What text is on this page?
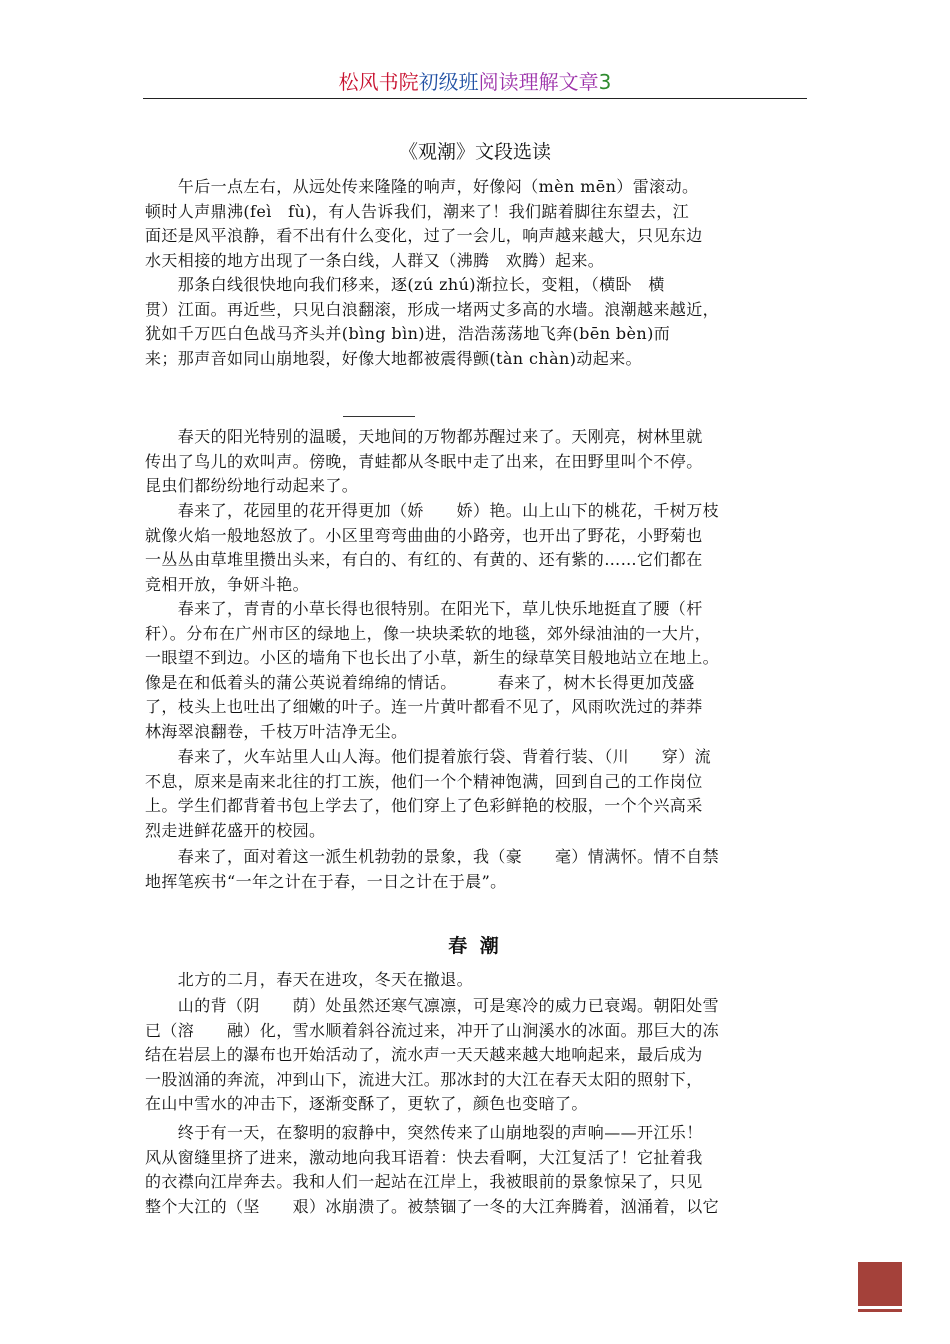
松风书院初级班阅读理解文章3
《观潮》文段选读
　　午后一点左右，从远处传来隆隆的响声，好像闷（mèn mēn）雷滚动。
顿时人声鼎沸(feì　fù)，有人告诉我们，潮来了！我们踮着脚往东望去，江
面还是风平浪静，看不出有什么变化，过了一会儿，响声越来越大，只见东边
水天相接的地方出现了一条白线，人群又（沸腾　欢腾）起来。
　　那条白线很快地向我们移来，逐(zú zhú)渐拉长，变粗，（横卧　横
贯）江面。再近些，只见白浪翻滚，形成一堵两丈多高的水墙。浪潮越来越近，
犹如千万匹白色战马齐头并(bìng bìn)进，浩浩荡荡地飞奔(bēn bèn)而
来；那声音如同山崩地裂，好像大地都被震得颤(tàn chàn)动起来。
　　春天的阳光特别的温暖，天地间的万物都苏醒过来了。天刚亮，树林里就
传出了鸟儿的欢叫声。傍晚，青蛙都从冬眠中走了出来，在田野里叫个不停。
昆虫们都纷纷地行动起来了。
　　春来了，花园里的花开得更加（娇　　娇）艳。山上山下的桃花，千树万枝
就像火焰一般地怒放了。小区里弯弯曲曲的小路旁，也开出了野花，小野菊也
一丛丛由草堆里攒出头来，有白的、有红的、有黄的、还有紫的……它们都在
竞相开放，争妍斗艳。
　　春来了，青青的小草长得也很特别。在阳光下，草儿快乐地挺直了腰（杆
秆）。分布在广州市区的绿地上，像一块块柔软的地毯，郊外绿油油的一大片，
一眼望不到边。小区的墙角下也长出了小草，新生的绿草笑目般地站立在地上。
像是在和低着头的蒲公英说着绵绵的情话。　　　春来了，树木长得更加茂盛
了，枝头上也吐出了细嫩的叶子。连一片黄叶都看不见了，风雨吹洗过的莽莽
林海翠浪翻卷，千枝万叶洁净无尘。
　　春来了，火车站里人山人海。他们提着旅行袋、背着行装、（川　　穿）流
不息，原来是南来北往的打工族，他们一个个精神饱满，回到自己的工作岗位
上。学生们都背着书包上学去了，他们穿上了色彩鲜艳的校服，一个个兴高采
烈走进鲜花盛开的校园。
　　春来了，面对着这一派生机勃勃的景象，我（豪　　毫）情满怀。情不自禁
地挥笔疾书“一年之计在于春，一日之计在于晨”。
春 潮
　　北方的二月，春天在进攻，冬天在撤退。
　　山的背（阴　　荫）处虽然还寒气凛凛，可是寒冷的威力已衰竭。朝阳处雪
已（溶　　融）化，雪水顺着斜谷流过来，冲开了山涧溪水的冰面。那巨大的冻
结在岩层上的瀑布也开始活动了，流水声一天天越来越大地响起来，最后成为
一股汹涌的奔流，冲到山下，流进大江。那冰封的大江在春天太阳的照射下，
在山中雪水的冲击下，逐渐变酥了，更软了，颜色也变暗了。
　　终于有一天，在黎明的寂静中，突然传来了山崩地裂的声响——开江乐！
风从窗缝里挤了进来，激动地向我耳语着：快去看啊，大江复活了！它扯着我
的衣襟向江岸奔去。我和人们一起站在江岸上，我被眼前的景象惊呆了，只见
整个大江的（坚　　艰）冰崩溃了。被禁锢了一冬的大江奔腾着，汹涌着，以它
